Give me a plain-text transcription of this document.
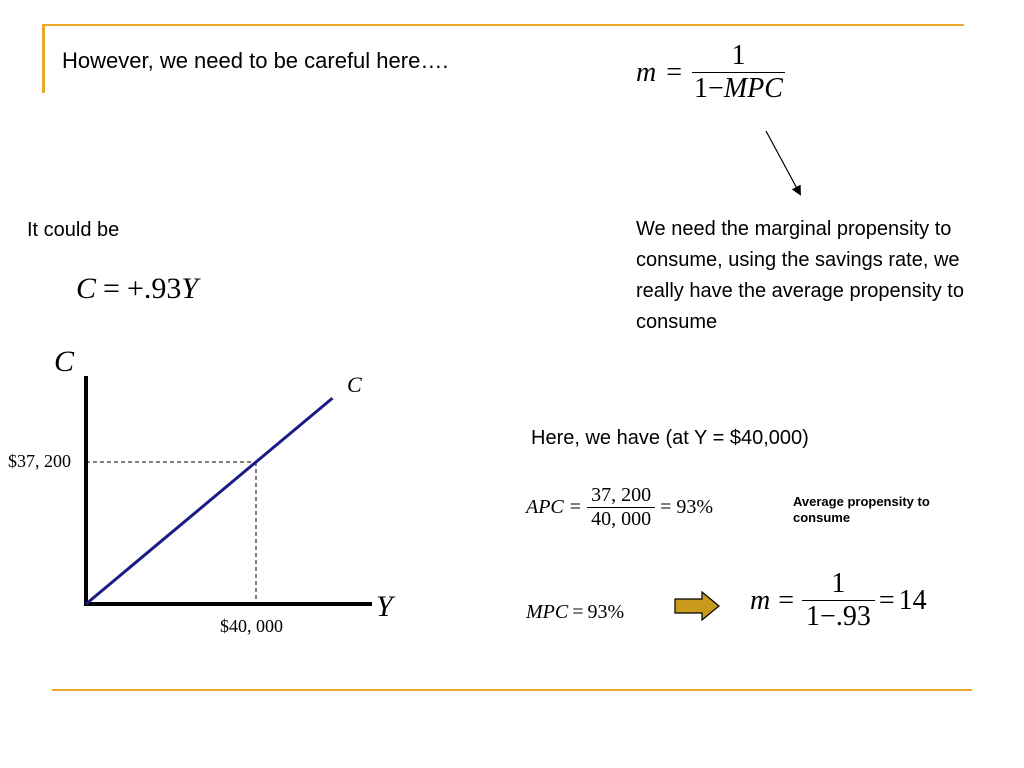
However, we need to be careful here….	$m = \frac{1}{\text{1−MPC}}$
We need the marginal propensity to consume, using the savings rate, we really have the average propensity to consume
It could be
C = +.93 Y
C
Y
C
$37, 200
$40, 000
Here, we have (at Y = $40,000)
APC = $\frac{37, 200}{40, 000} = 93\%$	Average propensity to consume
MPC = 93%	$m = \frac{1}{1-.93} = 14$
